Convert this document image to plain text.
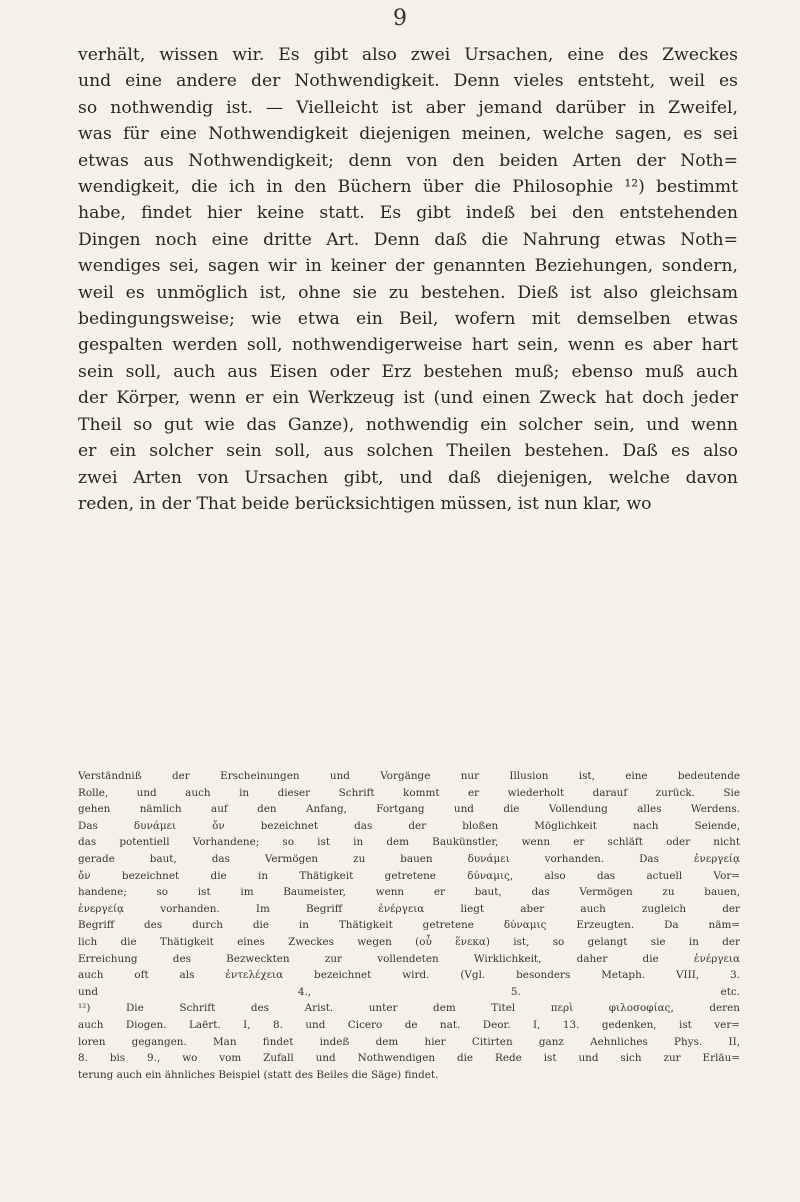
9
verhält, wissen wir. Es gibt also zwei Ursachen, eine des Zweckes
und eine andere der Nothwendigkeit. Denn vieles entsteht, weil es
so nothwendig ist. — Vielleicht ist aber jemand darüber in Zweifel,
was für eine Nothwendigkeit diejenigen meinen, welche sagen, es sei
etwas aus Nothwendigkeit; denn von den beiden Arten der Noth=
wendigkeit, die ich in den Büchern über die Philosophie ¹²) bestimmt
habe, findet hier keine statt. Es gibt indeß bei den entstehenden
Dingen noch eine dritte Art. Denn daß die Nahrung etwas Noth=
wendiges sei, sagen wir in keiner der genannten Beziehungen, sondern,
weil es unmöglich ist, ohne sie zu bestehen. Dieß ist also gleichsam
bedingungsweise; wie etwa ein Beil, wofern mit demselben etwas
gespalten werden soll, nothwendigerweise hart sein, wenn es aber hart
sein soll, auch aus Eisen oder Erz bestehen muß; ebenso muß auch
der Körper, wenn er ein Werkzeug ist (und einen Zweck hat doch jeder
Theil so gut wie das Ganze), nothwendig ein solcher sein, und wenn
er ein solcher sein soll, aus solchen Theilen bestehen. Daß es also
zwei Arten von Ursachen gibt, und daß diejenigen, welche davon
reden, in der That beide berücksichtigen müssen, ist nun klar, wo
Verständniß der Erscheinungen und Vorgänge nur Illusion ist, eine bedeutende
Rolle, und auch in dieser Schrift kommt er wiederholt darauf zurück. Sie
gehen nämlich auf den Anfang, Fortgang und die Vollendung alles Werdens.
Das δυνάμει ὄν bezeichnet das der bloßen Möglichkeit nach Seiende,
das potentiell Vorhandene; so ist in dem Baukünstler, wenn er schläft oder nicht
gerade baut, das Vermögen zu bauen δυνάμει vorhanden. Das ἐνεργείᾳ
ὄν bezeichnet die in Thätigkeit getretene δύναμις, also das actuell Vor=
handene; so ist im Baumeister, wenn er baut, das Vermögen zu bauen,
ἐνεργείᾳ vorhanden. Im Begriff ἐνέργεια liegt aber auch zugleich der
Begriff des durch die in Thätigkeit getretene δύναμις Erzeugten. Da näm=
lich die Thätigkeit eines Zweckes wegen (οὗ ἕνεκα) ist, so gelangt sie in der
Erreichung des Bezweckten zur vollendeten Wirklichkeit, daher die ἐνέργεια
auch oft als ἐντελέχεια bezeichnet wird. (Vgl. besonders Metaph. VIII, 3.
und 4., 5. etc.
¹²) Die Schrift des Arist. unter dem Titel περὶ φιλοσοφίας, deren
auch Diogen. Laërt. I, 8. und Cicero de nat. Deor. I, 13. gedenken, ist ver=
loren gegangen. Man findet indeß dem hier Citirten ganz Aehnliches Phys. II,
8. bis 9., wo vom Zufall und Nothwendigen die Rede ist und sich zur Erläu=
terung auch ein ähnliches Beispiel (statt des Beiles die Säge) findet.
